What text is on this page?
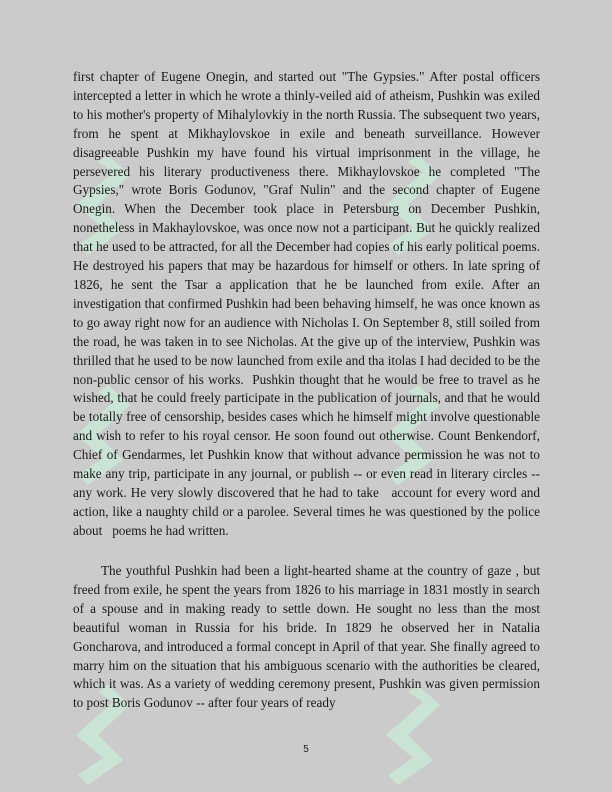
first chapter of Eugene Onegin, and started out "The Gypsies." After postal officers intercepted a letter in which he wrote a thinly-veiled aid of atheism, Pushkin was exiled to his mother's property of Mihalylovkiy in the north Russia. The subsequent two years, from he spent at Mikhaylovskoe in exile and beneath surveillance. However disagreeable Pushkin my have found his virtual imprisonment in the village, he persevered his literary productiveness there. Mikhaylovskoe he completed "The Gypsies," wrote Boris Godunov, "Graf Nulin" and the second chapter of Eugene Onegin. When the December took place in Petersburg on December Pushkin, nonetheless in Makhaylovskoe, was once now not a participant. But he quickly realized that he used to be attracted, for all the December had copies of his early political poems. He destroyed his papers that may be hazardous for himself or others. In late spring of 1826, he sent the Tsar a application that he be launched from exile. After an investigation that confirmed Pushkin had been behaving himself, he was once known as to go away right now for an audience with Nicholas I. On September 8, still soiled from the road, he was taken in to see Nicholas. At the give up of the interview, Pushkin was thrilled that he used to be now launched from exile and tha itolas I had decided to be the non-public censor of his works.  Pushkin thought that he would be free to travel as he wished, that he could freely participate in the publication of journals, and that he would be totally free of censorship, besides cases which he himself might involve questionable and wish to refer to his royal censor. He soon found out otherwise. Count Benkendorf, Chief of Gendarmes, let Pushkin know that without advance permission he was not to make any trip, participate in any journal, or publish -- or even read in literary circles -- any work. He very slowly discovered that he had to take   account for every word and action, like a naughty child or a parolee. Several times he was questioned by the police about   poems he had written.

The youthful Pushkin had been a light-hearted shame at the country of gaze , but freed from exile, he spent the years from 1826 to his marriage in 1831 mostly in search of a spouse and in making ready to settle down. He sought no less than the most beautiful woman in Russia for his bride. In 1829 he observed her in Natalia Goncharova, and introduced a formal concept in April of that year. She finally agreed to marry him on the situation that his ambiguous scenario with the authorities be cleared, which it was. As a variety of wedding ceremony present, Pushkin was given permission to post Boris Godunov -- after four years of ready

5
